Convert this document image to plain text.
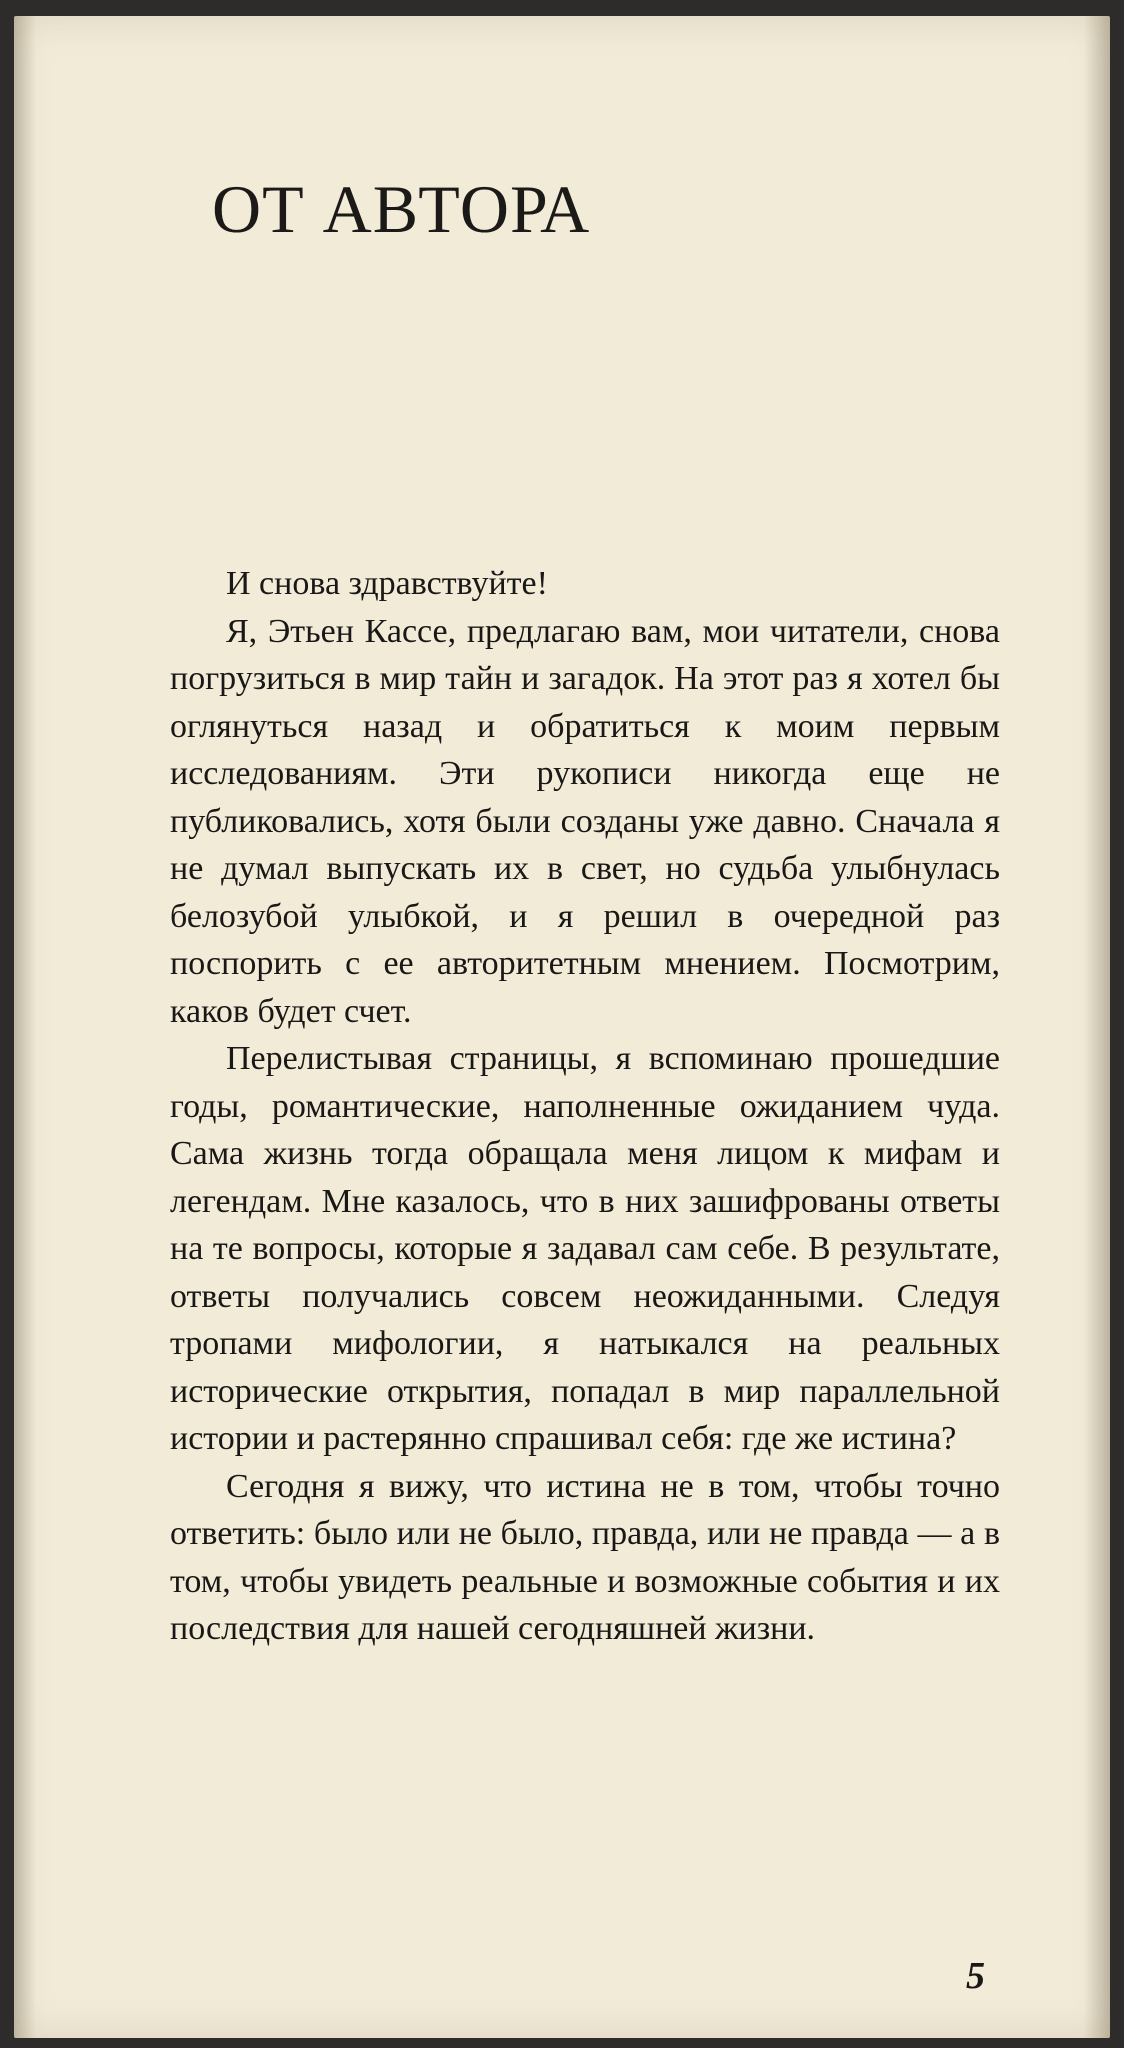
ОТ АВТОРА

И снова здравствуйте!

Я, Этьен Кассе, предлагаю вам, мои читатели, снова погрузиться в мир тайн и загадок. На этот раз я хотел бы оглянуться назад и обратиться к моим первым исследованиям. Эти рукописи никогда еще не публиковались, хотя были созданы уже давно. Сначала я не думал выпускать их в свет, но судьба улыбнулась белозубой улыбкой, и я решил в очередной раз поспорить с ее авторитетным мнением. Посмотрим, каков будет счет.

Перелистывая страницы, я вспоминаю прошедшие годы, романтические, наполненные ожиданием чуда. Сама жизнь тогда обращала меня лицом к мифам и легендам. Мне казалось, что в них зашифрованы ответы на те вопросы, которые я задавал сам себе. В результате, ответы получались совсем неожиданными. Следуя тропами мифологии, я натыкался на реальных исторические открытия, попадал в мир параллельной истории и растерянно спрашивал себя: где же истина?

Сегодня я вижу, что истина не в том, чтобы точно ответить: было или не было, правда, или не правда — а в том, чтобы увидеть реальные и возможные события и их последствия для нашей сегодняшней жизни.

5
